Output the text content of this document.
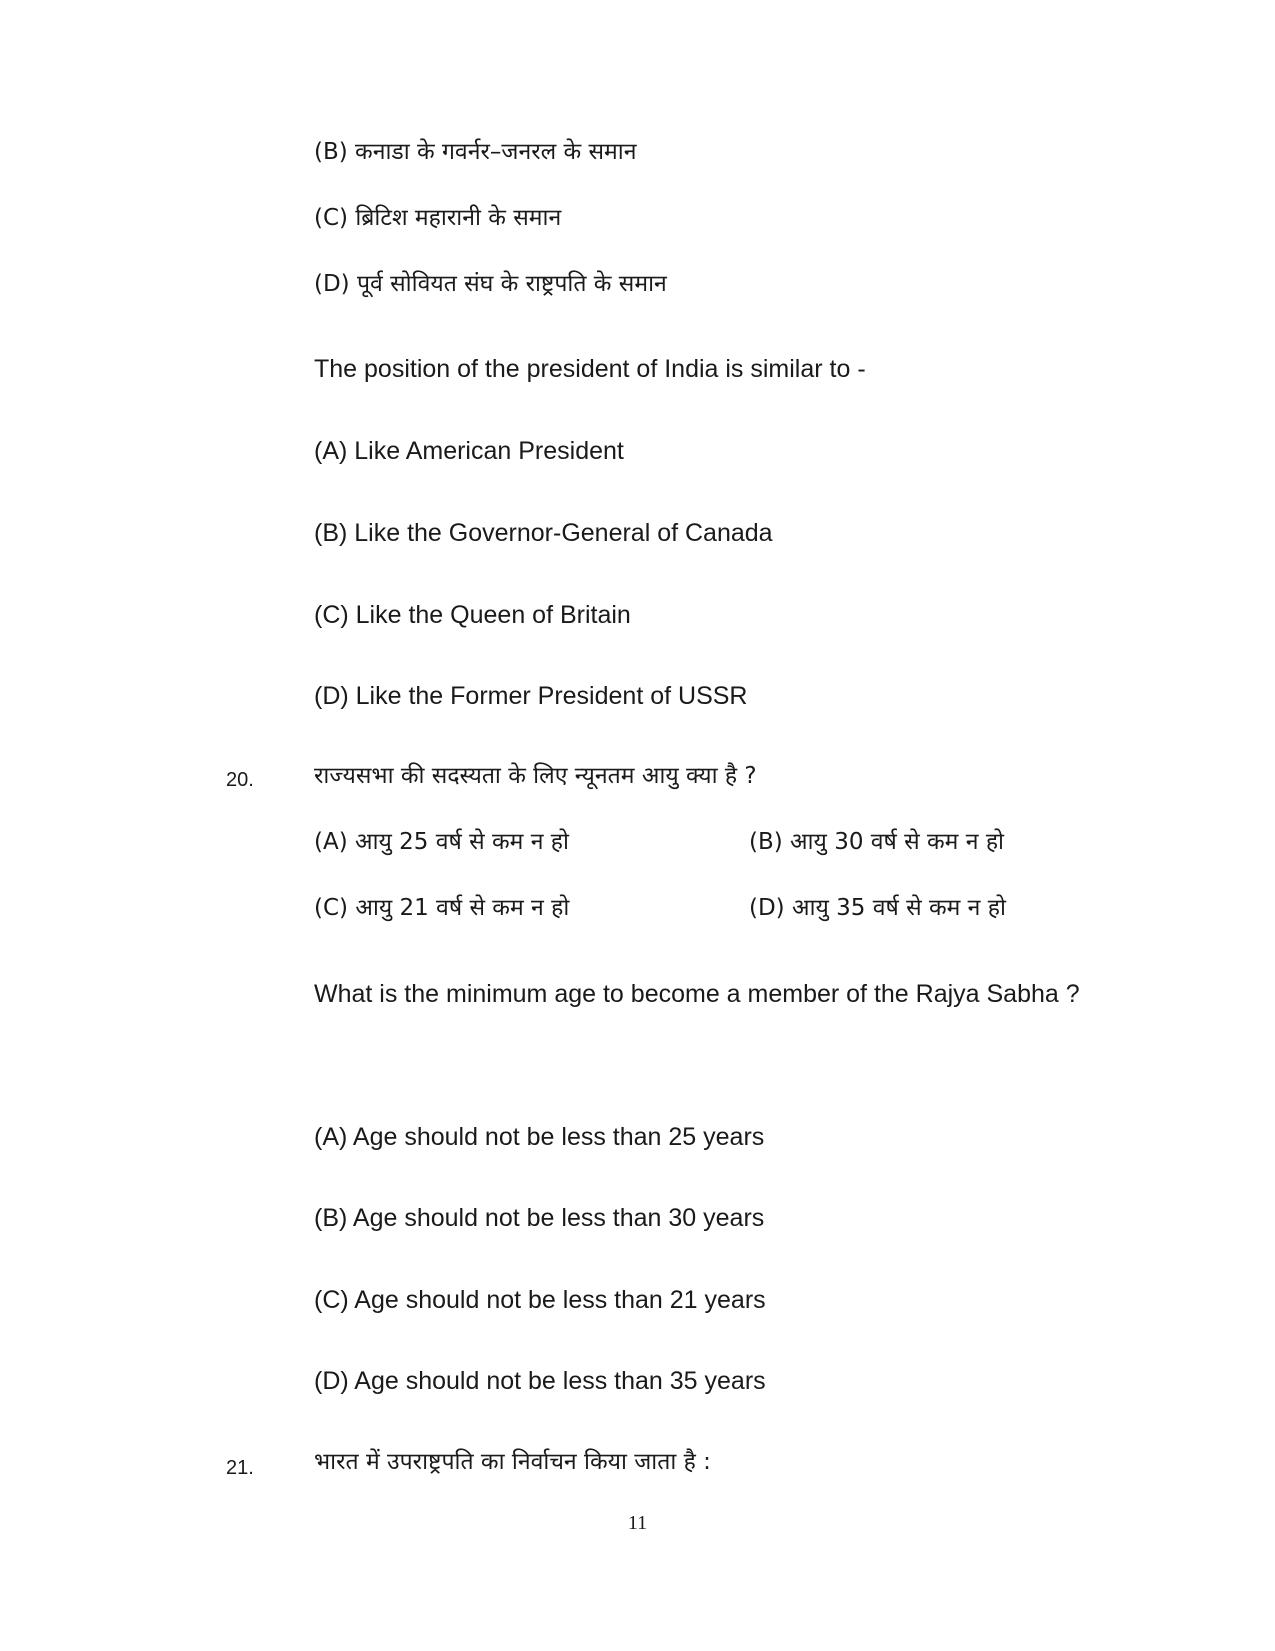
(B) कनाडा के गवर्नर–जनरल के समान
(C) ब्रिटिश महारानी के समान
(D) पूर्व सोवियत संघ के राष्ट्रपति के समान
The position of the president of India is similar to -
(A) Like American President
(B) Like the Governor-General of Canada
(C) Like the Queen of Britain
(D) Like the Former President of USSR
20.	राज्यसभा की सदस्यता के लिए न्यूनतम आयु क्या है ?
(A) आयु 25 वर्ष से कम न हो	(B) आयु 30 वर्ष से कम न हो
(C) आयु 21 वर्ष से कम न हो	(D) आयु 35 वर्ष से कम न हो
What is the minimum age to become a member of the Rajya Sabha ?
(A) Age should not be less than 25 years
(B) Age should not be less than 30 years
(C) Age should not be less than 21 years
(D) Age should not be less than 35 years
21.	भारत में उपराष्ट्रपति का निर्वाचन किया जाता है :
11
